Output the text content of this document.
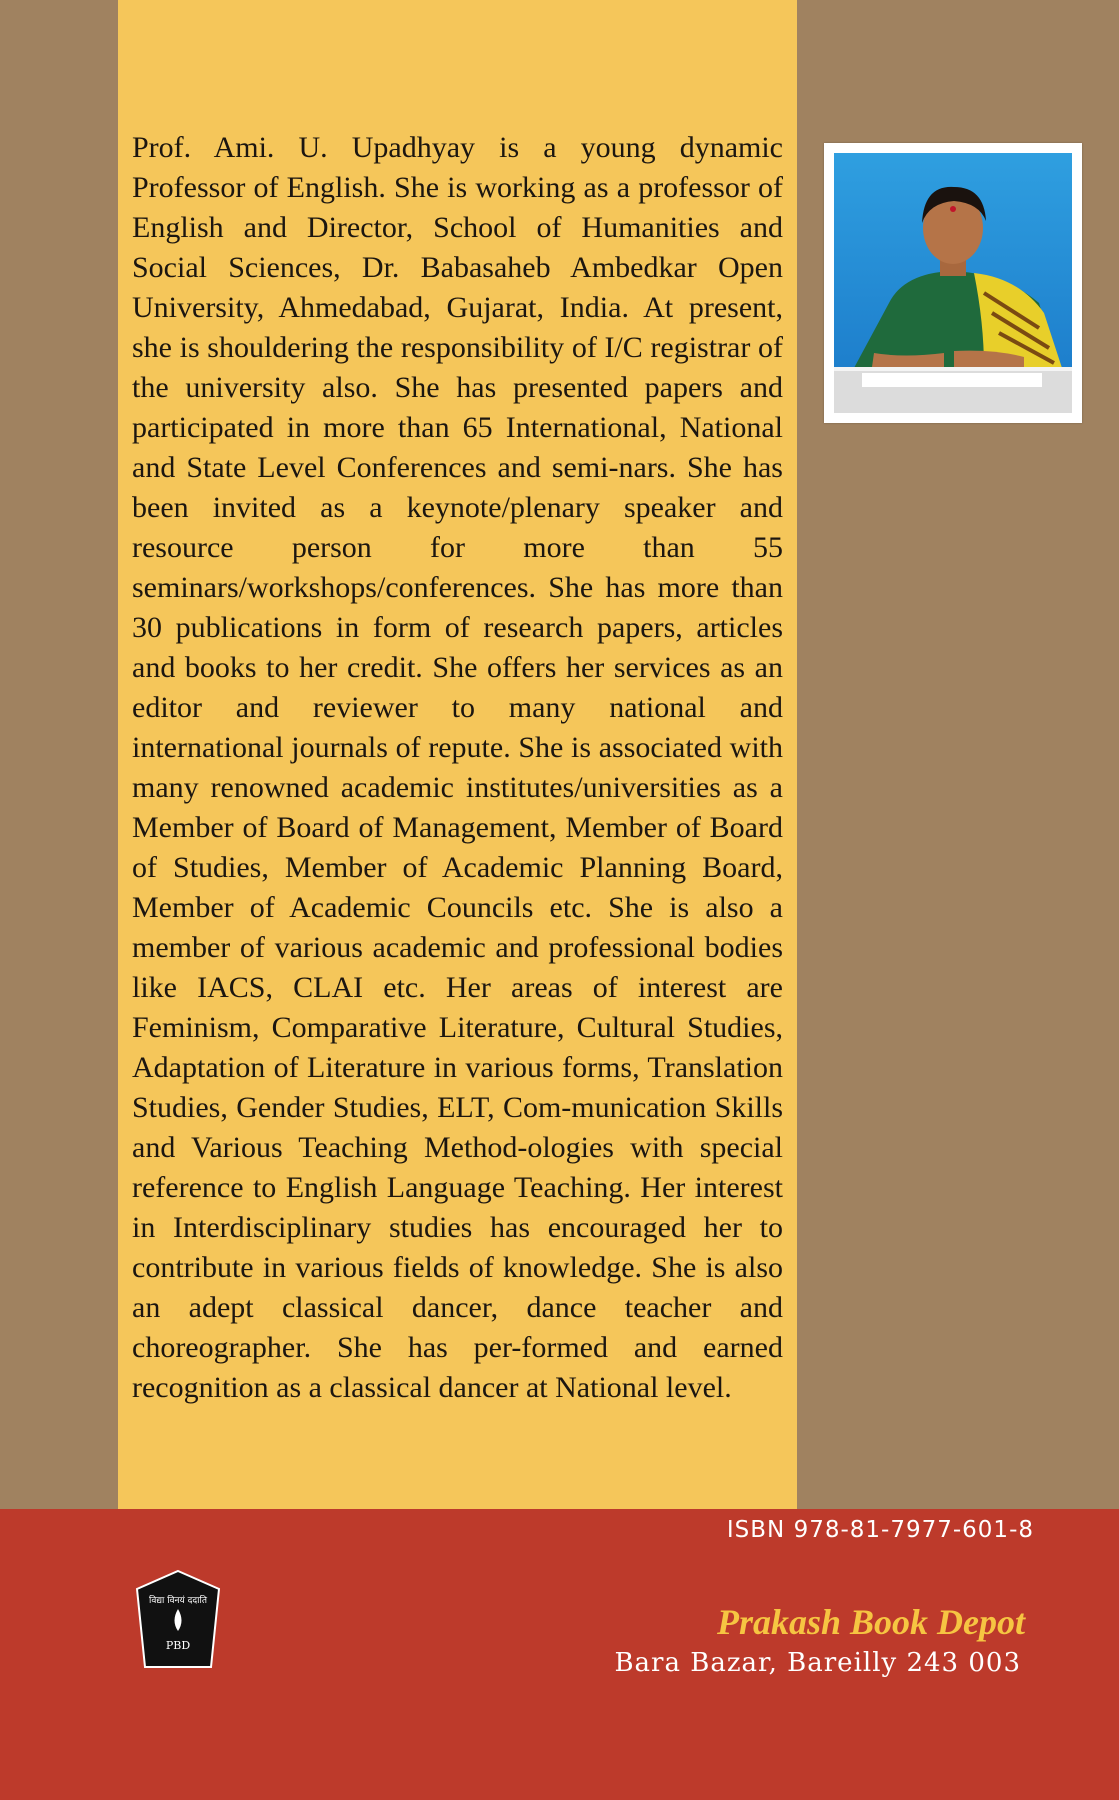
Prof. Ami. U. Upadhyay is a young dynamic Professor of English. She is working as a professor of English and Director, School of Humanities and Social Sciences, Dr. Babasaheb Ambedkar Open University, Ahmedabad, Gujarat, India. At present, she is shouldering the responsibility of I/C registrar of the university also. She has presented papers and participated in more than 65 International, National and State Level Conferences and semi-nars. She has been invited as a keynote/plenary speaker and resource person for more than 55 seminars/workshops/conferences. She has more than 30 publications in form of research papers, articles and books to her credit. She offers her services as an editor and reviewer to many national and international journals of repute. She is associated with many renowned academic institutes/universities as a Member of Board of Management, Member of Board of Studies, Member of Academic Planning Board, Member of Academic Councils etc. She is also a member of various academic and professional bodies like IACS, CLAI etc. Her areas of interest are Feminism, Comparative Literature, Cultural Studies, Adaptation of Literature in various forms, Translation Studies, Gender Studies, ELT, Com-munication Skills and Various Teaching Method-ologies with special reference to English Language Teaching. Her interest in Interdisciplinary studies has encouraged her to contribute in various fields of knowledge. She is also an adept classical dancer, dance teacher and choreographer. She has per-formed and earned recognition as a classical dancer at National level.

ISBN 978-81-7977-601-8
विद्या विनयं ददाति
PBD
Prakash Book Depot
Bara Bazar, Bareilly 243 003
